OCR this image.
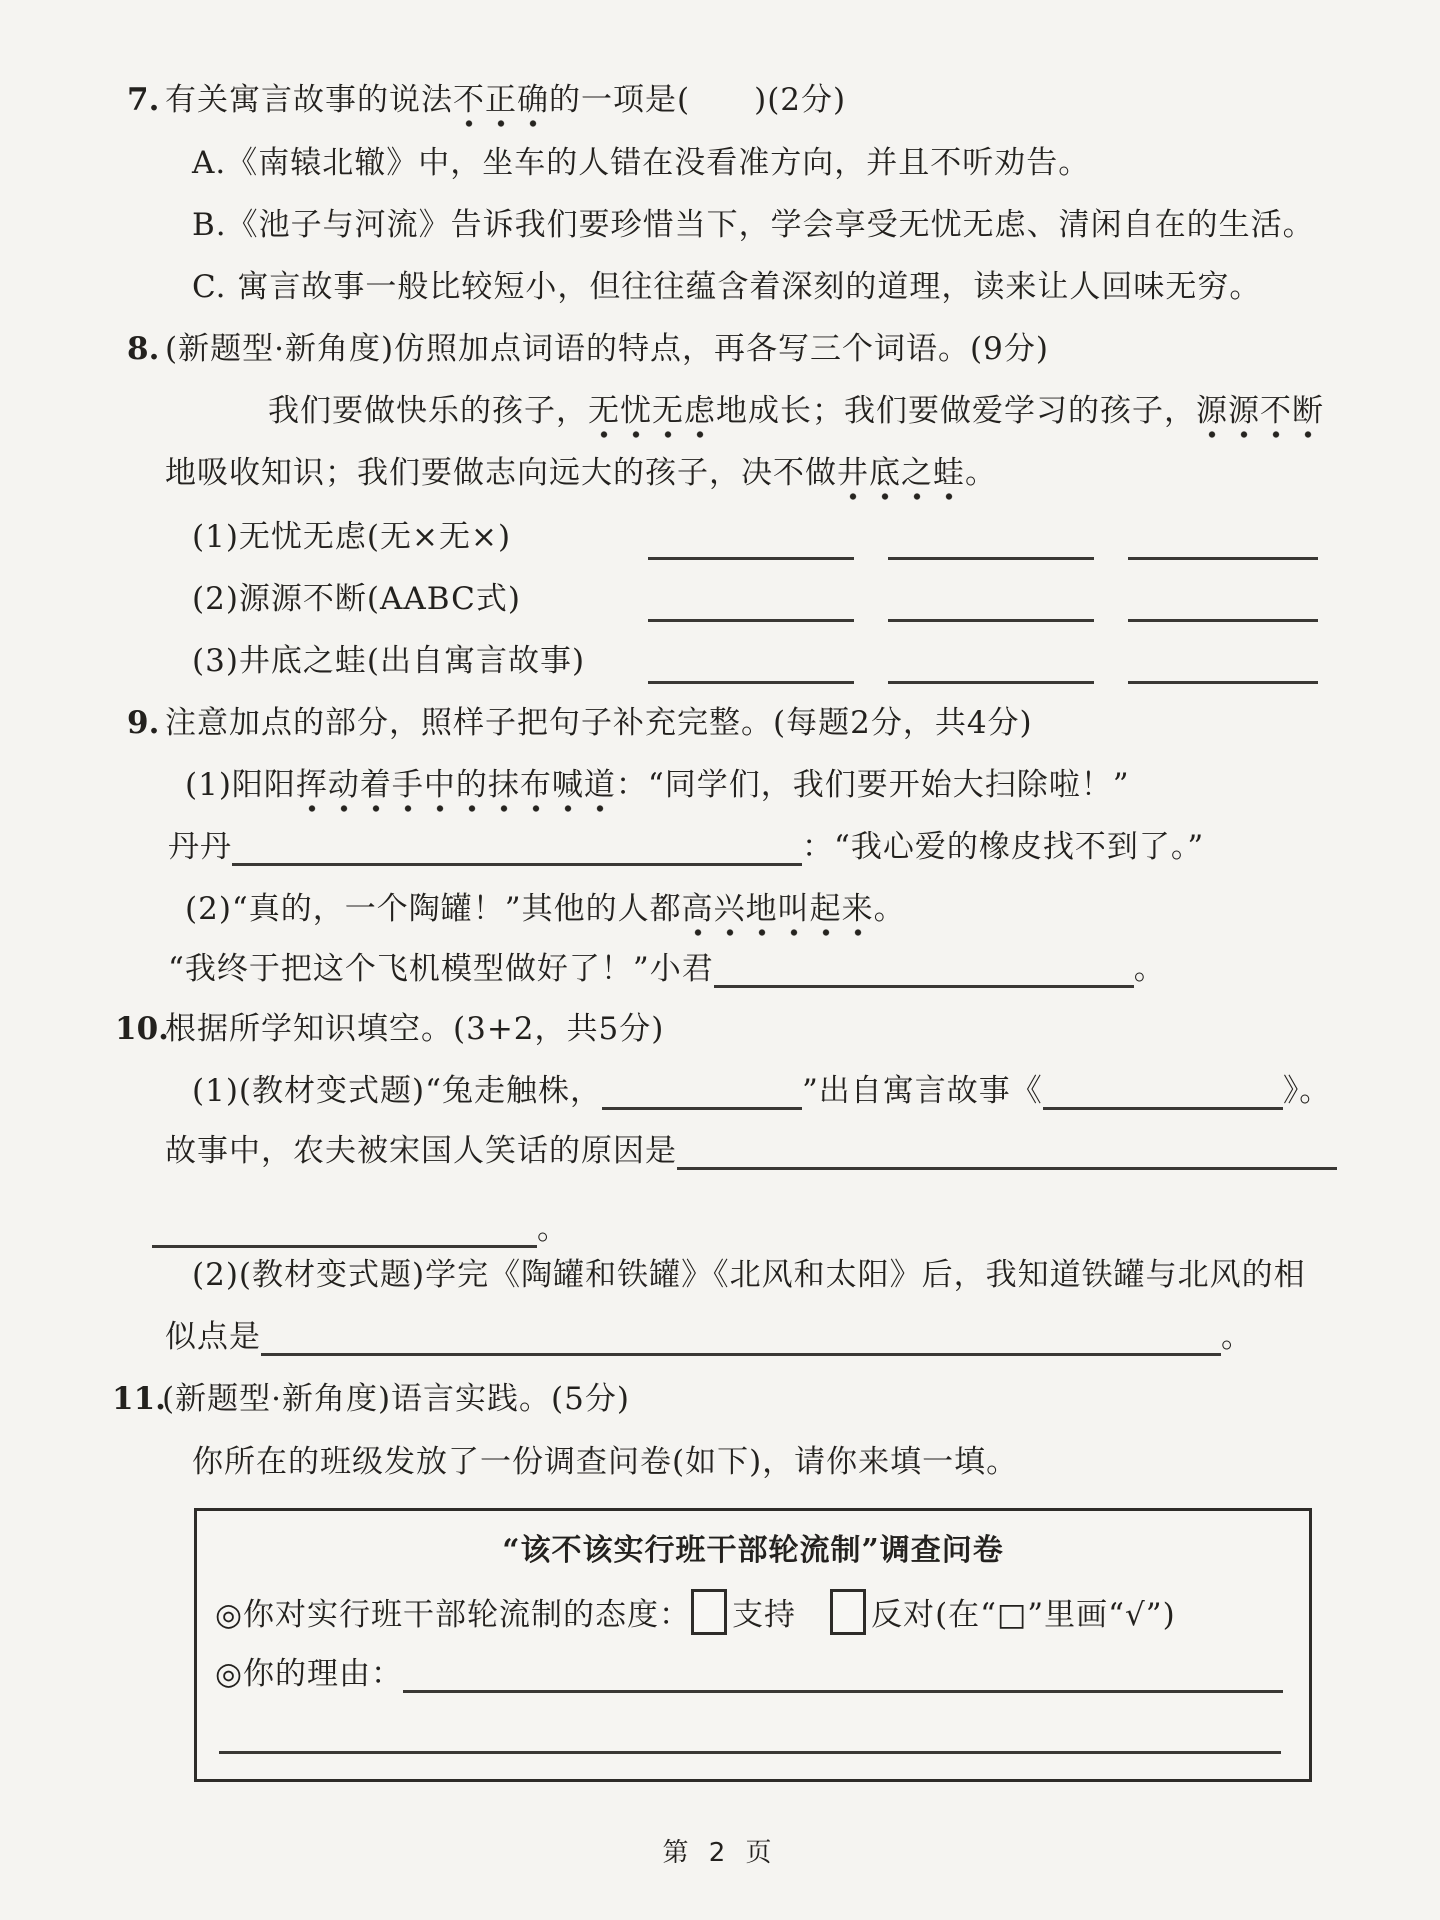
7. 有关寓言故事的说法不正确的一项是(　　)(2分)
A.《南辕北辙》中，坐车的人错在没看准方向，并且不听劝告。
B.《池子与河流》告诉我们要珍惜当下，学会享受无忧无虑、清闲自在的生活。
C. 寓言故事一般比较短小，但往往蕴含着深刻的道理，读来让人回味无穷。
8. (新题型·新角度)仿照加点词语的特点，再各写三个词语。(9分)
我们要做快乐的孩子，无忧无虑地成长；我们要做爱学习的孩子，源源不断
地吸收知识；我们要做志向远大的孩子，决不做井底之蛙。
(1)无忧无虑(无×无×)
(2)源源不断(AABC式)
(3)井底之蛙(出自寓言故事)
9. 注意加点的部分，照样子把句子补充完整。(每题2分，共4分)
(1)阳阳挥动着手中的抹布喊道：“同学们，我们要开始大扫除啦！”
丹丹	：“我心爱的橡皮找不到了。”
(2)“真的，一个陶罐！”其他的人都高兴地叫起来。
“我终于把这个飞机模型做好了！”小君	。
10.根据所学知识填空。(3+2，共5分)
(1)(教材变式题)“兔走触株，	”出自寓言故事《	》。
故事中，农夫被宋国人笑话的原因是
。
(2)(教材变式题)学完《陶罐和铁罐》《北风和太阳》后，我知道铁罐与北风的相
似点是	。
11.(新题型·新角度)语言实践。(5分)
你所在的班级发放了一份调查问卷(如下)，请你来填一填。
“该不该实行班干部轮流制”调查问卷
◎你对实行班干部轮流制的态度： 支持 反对(在“□”里画“√”)
◎你的理由：
第 2 页
